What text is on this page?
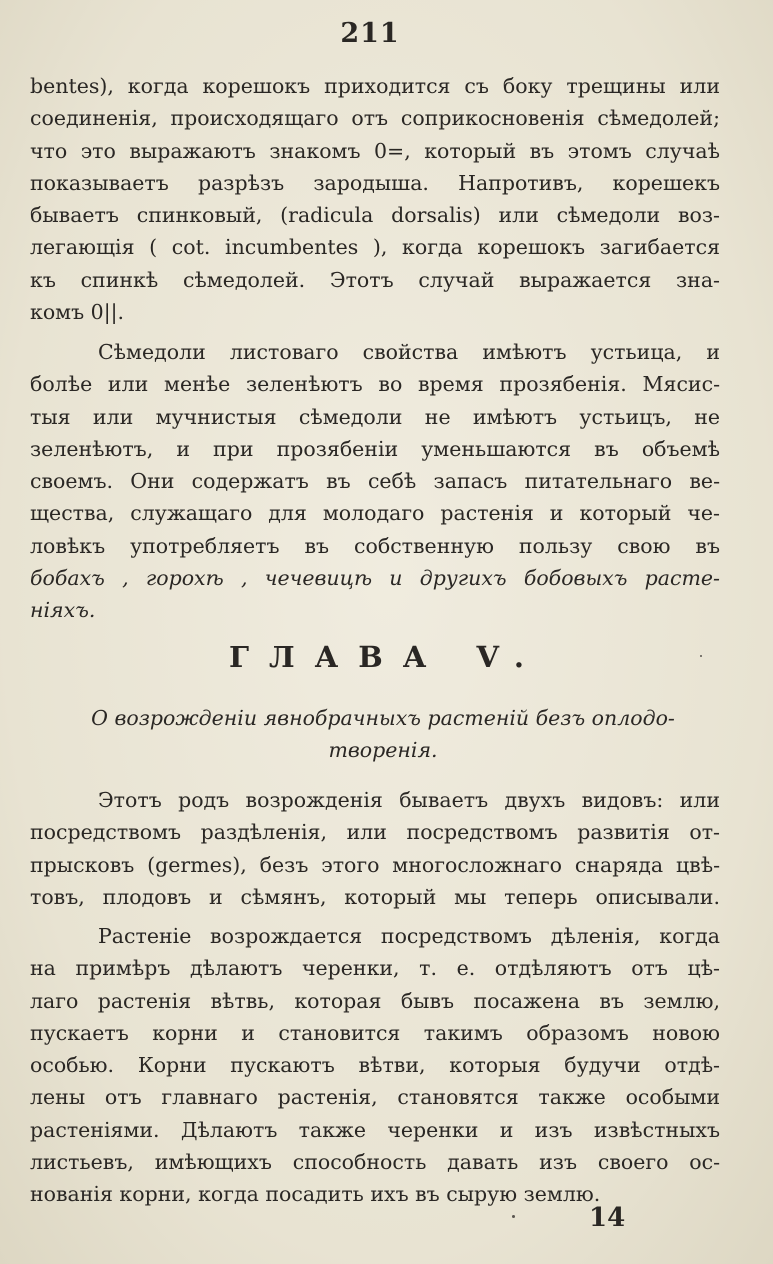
211
bentes), когда корешокъ приходится съ боку трещины или
соединенія, происходящаго отъ соприкосновенія сѣмедолей;
что это выражаютъ знакомъ 0=, который въ этомъ случаѣ
показываетъ разрѣзъ зародыша. Напротивъ, корешекъ
бываетъ спинковый, (radicula dorsalis) или сѣмедоли воз-
легающія ( cot. incumbentes ), когда корешокъ загибается
къ спинкѣ сѣмедолей. Этотъ случай выражается зна-
комъ 0||.
Сѣмедоли листоваго свойства имѣютъ устьица, и
болѣе или менѣе зеленѣютъ во время прозябенія. Мясис-
тыя или мучнистыя сѣмедоли не имѣютъ устьицъ, не
зеленѣютъ, и при прозябеніи уменьшаются въ объемѣ
своемъ. Они содержатъ въ себѣ запасъ питательнаго ве-
щества, служащаго для молодаго растенія и который че-
ловѣкъ употребляетъ въ собственную пользу свою въ
бобахъ , горохѣ , чечевицѣ и другихъ бобовыхъ расте-
ніяхъ.
ГЛАВА V.
О возрожденіи явнобрачныхъ растеній безъ оплодо-
творенія.
Этотъ родъ возрожденія бываетъ двухъ видовъ: или
посредствомъ раздѣленія, или посредствомъ развитія от-
прысковъ (germes), безъ этого многосложнаго снаряда цвѣ-
товъ, плодовъ и сѣмянъ, который мы теперь описывали.
Растеніе возрождается посредствомъ дѣленія, когда
на примѣръ дѣлаютъ черенки, т. е. отдѣляютъ отъ цѣ-
лаго растенія вѣтвь, которая бывъ посажена въ землю,
пускаетъ корни и становится такимъ образомъ новою
особью. Корни пускаютъ вѣтви, которыя будучи отдѣ-
лены отъ главнаго растенія, становятся также особыми
растеніями. Дѣлаютъ также черенки и изъ извѣстныхъ
листьевъ, имѣющихъ способность давать изъ своего ос-
нованія корни, когда посадить ихъ въ сырую землю.
14
